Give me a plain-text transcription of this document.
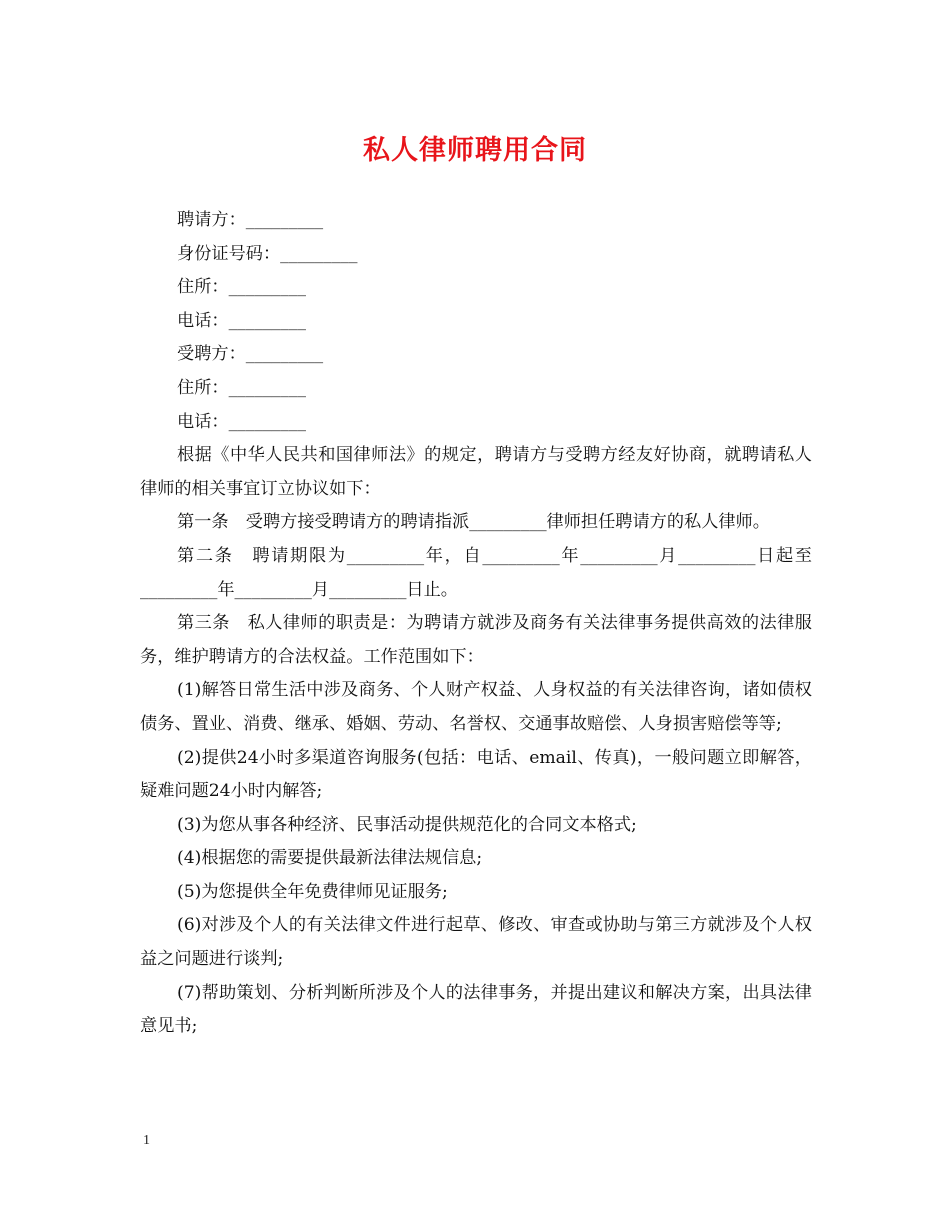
私人律师聘用合同

聘请方：_________

身份证号码：_________

住所：_________

电话：_________

受聘方：_________

住所：_________

电话：_________

根据《中华人民共和国律师法》的规定，聘请方与受聘方经友好协商，就聘请私人律师的相关事宜订立协议如下：

第一条　受聘方接受聘请方的聘请指派_________律师担任聘请方的私人律师。

第二条　聘请期限为_________年，自_________年_________月_________日起至_________年_________月_________日止。

第三条　私人律师的职责是：为聘请方就涉及商务有关法律事务提供高效的法律服务，维护聘请方的合法权益。工作范围如下：

(1)解答日常生活中涉及商务、个人财产权益、人身权益的有关法律咨询，诸如债权债务、置业、消费、继承、婚姻、劳动、名誉权、交通事故赔偿、人身损害赔偿等等;

(2)提供24小时多渠道咨询服务(包括：电话、email、传真)，一般问题立即解答，疑难问题24小时内解答;

(3)为您从事各种经济、民事活动提供规范化的合同文本格式;

(4)根据您的需要提供最新法律法规信息;

(5)为您提供全年免费律师见证服务;

(6)对涉及个人的有关法律文件进行起草、修改、审查或协助与第三方就涉及个人权益之问题进行谈判;

(7)帮助策划、分析判断所涉及个人的法律事务，并提出建议和解决方案，出具法律意见书;

1
